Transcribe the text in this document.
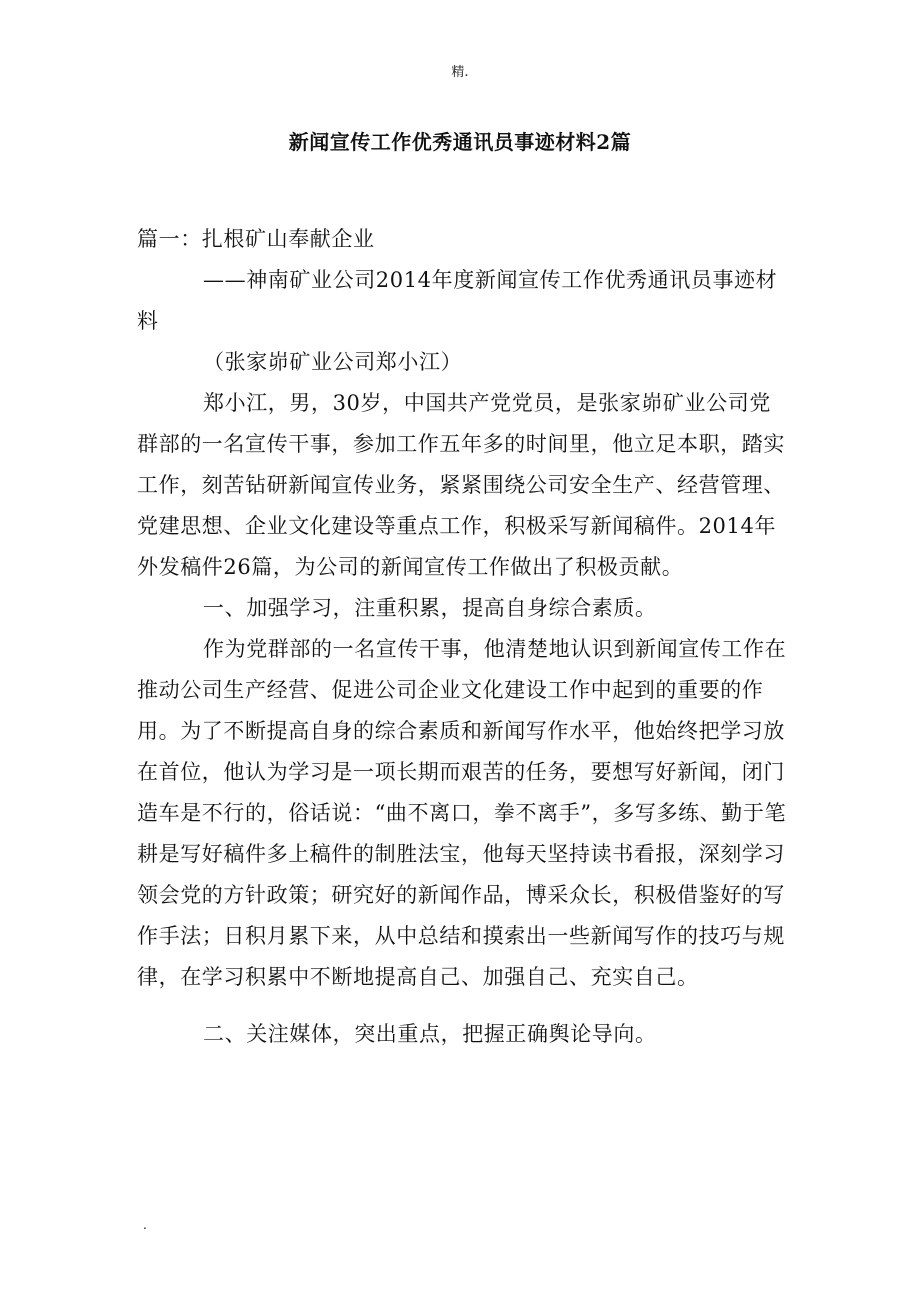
精.
新闻宣传工作优秀通讯员事迹材料2篇

篇一：扎根矿山奉献企业

——神南矿业公司2014年度新闻宣传工作优秀通讯员事迹材料

（张家峁矿业公司郑小江）

郑小江，男，30岁，中国共产党党员，是张家峁矿业公司党群部的一名宣传干事，参加工作五年多的时间里，他立足本职，踏实工作，刻苦钻研新闻宣传业务，紧紧围绕公司安全生产、经营管理、党建思想、企业文化建设等重点工作，积极采写新闻稿件。2014年外发稿件26篇，为公司的新闻宣传工作做出了积极贡献。

一、加强学习，注重积累，提高自身综合素质。

作为党群部的一名宣传干事，他清楚地认识到新闻宣传工作在推动公司生产经营、促进公司企业文化建设工作中起到的重要的作用。为了不断提高自身的综合素质和新闻写作水平，他始终把学习放在首位，他认为学习是一项长期而艰苦的任务，要想写好新闻，闭门造车是不行的，俗话说：“曲不离口，拳不离手”，多写多练、勤于笔耕是写好稿件多上稿件的制胜法宝，他每天坚持读书看报，深刻学习领会党的方针政策；研究好的新闻作品，博采众长，积极借鉴好的写作手法；日积月累下来，从中总结和摸索出一些新闻写作的技巧与规律，在学习积累中不断地提高自己、加强自己、充实自己。

二、关注媒体，突出重点，把握正确舆论导向。

.
